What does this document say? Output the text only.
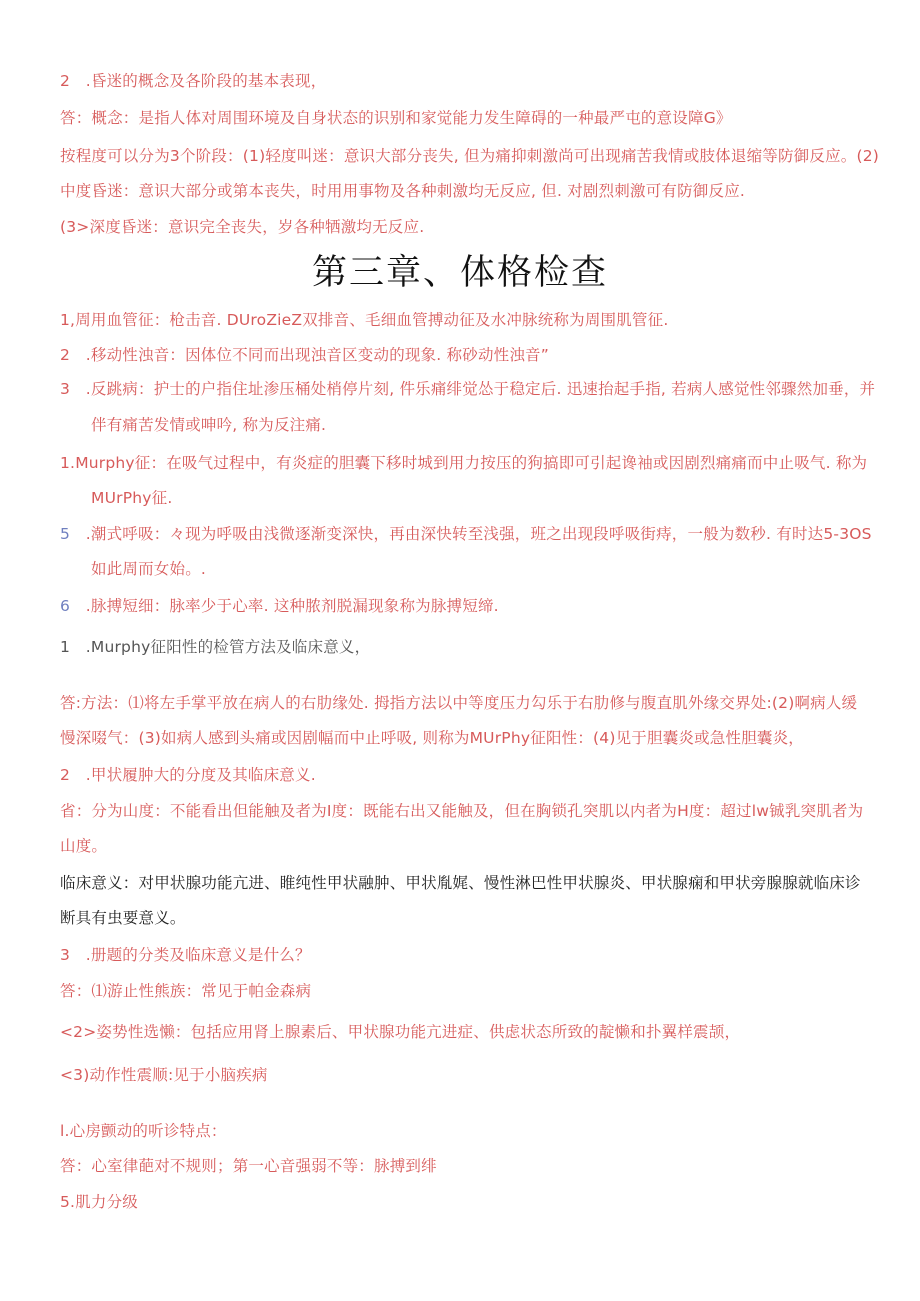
2　.昏迷的概念及各阶段的基本表现，

答：概念：是指人体对周围环境及自身状态的识别和家觉能力发生障碍的一种最严屯的意设障G》

按程度可以分为3个阶段：(1)轻度叫迷：意识大部分丧失, 但为痛抑刺激尚可出现痛苦我情或肢体退缩等防御反应。(2)

中度昏迷：意识大部分或第本丧失，时用用事物及各种刺激均无反应, 但. 对剧烈刺激可有防御反应.

(3>深度昏迷：意识完全丧失，岁各种牺激均无反应.

第三章、体格检查

1,周用血管征：枪击音. DUroZieZ双排音、毛细血管搏动征及水冲脉统称为周围肌管征.

2　.移动性浊音：因体位不同而出现浊音区变动的现象. 称砂动性浊音”

3　.反跳病：护士的户指住址渗压桶处梢停片刻, 件乐痛绯觉怂于稳定后. 迅速抬起手指, 若病人感觉性邻骤然加垂，并

伴有痛苦发情或呻吟, 称为反注痛.

1.Murphy征：在吸气过程中，有炎症的胆囊下移时城到用力按压的狗搞即可引起谗袖或因剧烈痛痛而中止吸气. 称为

MUrPhy征.

5　.潮式呼吸：々现为呼吸由浅微逐渐变深快，再由深快转至浅强，班之出现段呼吸街痔，一般为数秒. 有时达5-3OS

如此周而女始。.

6　.脉搏短细：脉率少于心率. 这种脓剂脱漏现象称为脉搏短缔.

1　.Murphy征阳性的检管方法及临床意义，

答:方法：⑴将左手掌平放在病人的右肋缘处. 拇指方法以中等度压力勾乐于右肋修与腹直肌外缘交界处:(2)啊病人缓

慢深啜气：(3)如病人感到头痛或因剧幅而中止呼吸, 则称为MUrPhy征阳性：(4)见于胆囊炎或急性胆囊炎，

2　.甲状履肿大的分度及其临床意义.

省：分为山度：不能看出但能触及者为I度：既能右出又能触及，但在胸锁孔突肌以内者为H度：超过lw铖乳突肌者为

山度。

临床意义：对甲状腺功能亢进、睢纯性甲状融肿、甲状胤娓、慢性淋巴性甲状腺炎、甲状腺痫和甲状旁腺腺就临床诊

断具有虫要意义。

3　.册题的分类及临床意义是什么？

答：⑴游止性熊族：常见于帕金森病

<2>姿势性选懒：包括应用肾上腺素后、甲状腺功能亢进症、供虑状态所致的靛懒和扑翼样震颉，

<3)动作性震顺:见于小脑疾病

l.心房颤动的听诊特点：

答：心室律葩对不规则；第一心音强弱不等：脉搏到绯

5.肌力分级
